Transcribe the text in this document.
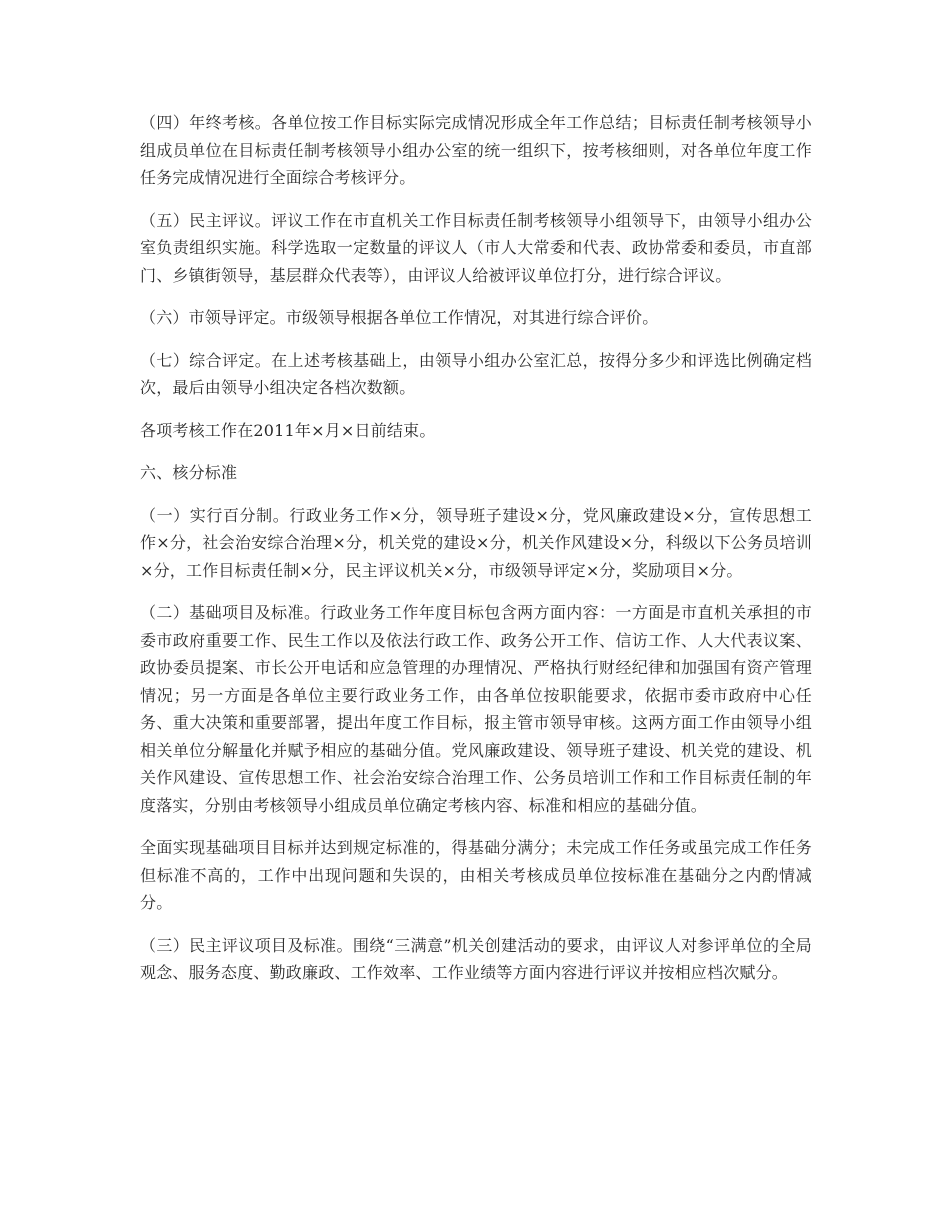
（四）年终考核。各单位按工作目标实际完成情况形成全年工作总结；目标责任制考核领导小组成员单位在目标责任制考核领导小组办公室的统一组织下，按考核细则，对各单位年度工作任务完成情况进行全面综合考核评分。

（五）民主评议。评议工作在市直机关工作目标责任制考核领导小组领导下，由领导小组办公室负责组织实施。科学选取一定数量的评议人（市人大常委和代表、政协常委和委员，市直部门、乡镇街领导，基层群众代表等），由评议人给被评议单位打分，进行综合评议。

（六）市领导评定。市级领导根据各单位工作情况，对其进行综合评价。

（七）综合评定。在上述考核基础上，由领导小组办公室汇总，按得分多少和评选比例确定档次，最后由领导小组决定各档次数额。

各项考核工作在2011年×月×日前结束。

六、核分标准

（一）实行百分制。行政业务工作×分，领导班子建设×分，党风廉政建设×分，宣传思想工作×分，社会治安综合治理×分，机关党的建设×分，机关作风建设×分，科级以下公务员培训×分，工作目标责任制×分，民主评议机关×分，市级领导评定×分，奖励项目×分。

（二）基础项目及标准。行政业务工作年度目标包含两方面内容：一方面是市直机关承担的市委市政府重要工作、民生工作以及依法行政工作、政务公开工作、信访工作、人大代表议案、政协委员提案、市长公开电话和应急管理的办理情况、严格执行财经纪律和加强国有资产管理情况；另一方面是各单位主要行政业务工作，由各单位按职能要求，依据市委市政府中心任务、重大决策和重要部署，提出年度工作目标，报主管市领导审核。这两方面工作由领导小组相关单位分解量化并赋予相应的基础分值。党风廉政建设、领导班子建设、机关党的建设、机关作风建设、宣传思想工作、社会治安综合治理工作、公务员培训工作和工作目标责任制的年度落实，分别由考核领导小组成员单位确定考核内容、标准和相应的基础分值。

全面实现基础项目目标并达到规定标准的，得基础分满分；未完成工作任务或虽完成工作任务但标准不高的，工作中出现问题和失误的，由相关考核成员单位按标准在基础分之内酌情减分。

（三）民主评议项目及标准。围绕“三满意”机关创建活动的要求，由评议人对参评单位的全局观念、服务态度、勤政廉政、工作效率、工作业绩等方面内容进行评议并按相应档次赋分。
